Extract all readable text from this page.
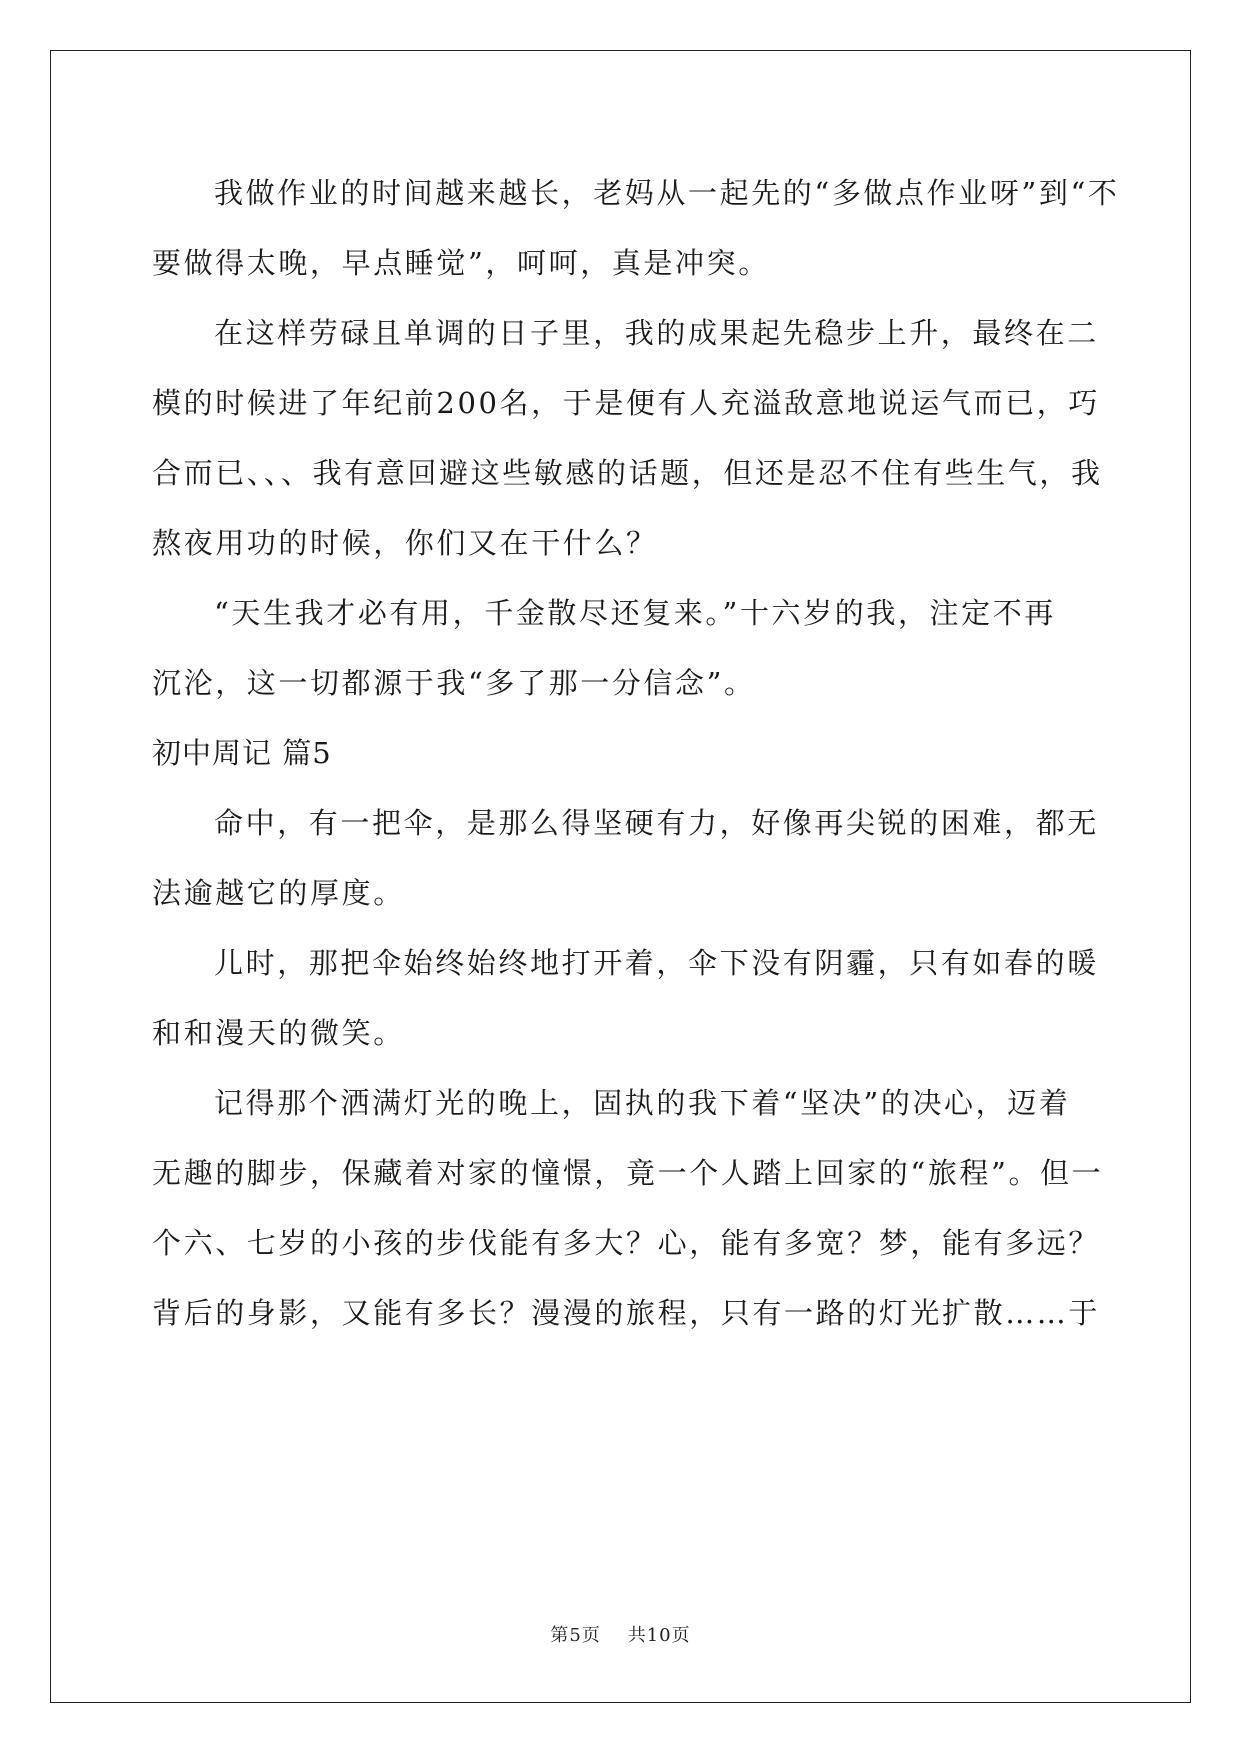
我做作业的时间越来越长，老妈从一起先的“多做点作业呀”到“不
要做得太晚，早点睡觉”，呵呵，真是冲突。
在这样劳碌且单调的日子里，我的成果起先稳步上升，最终在二
模的时候进了年纪前200名，于是便有人充溢敌意地说运气而已，巧
合而已、、、我有意回避这些敏感的话题，但还是忍不住有些生气，我
熬夜用功的时候，你们又在干什么？
“天生我才必有用，千金散尽还复来。”十六岁的我，注定不再
沉沦，这一切都源于我“多了那一分信念”。
初中周记 篇5
命中，有一把伞，是那么得坚硬有力，好像再尖锐的困难，都无
法逾越它的厚度。
儿时，那把伞始终始终地打开着，伞下没有阴霾，只有如春的暖
和和漫天的微笑。
记得那个洒满灯光的晚上，固执的我下着“坚决”的决心，迈着
无趣的脚步，保藏着对家的憧憬，竟一个人踏上回家的“旅程”。但一
个六、七岁的小孩的步伐能有多大？心，能有多宽？梦，能有多远？
背后的身影，又能有多长？漫漫的旅程，只有一路的灯光扩散……于
第5页 共10页
